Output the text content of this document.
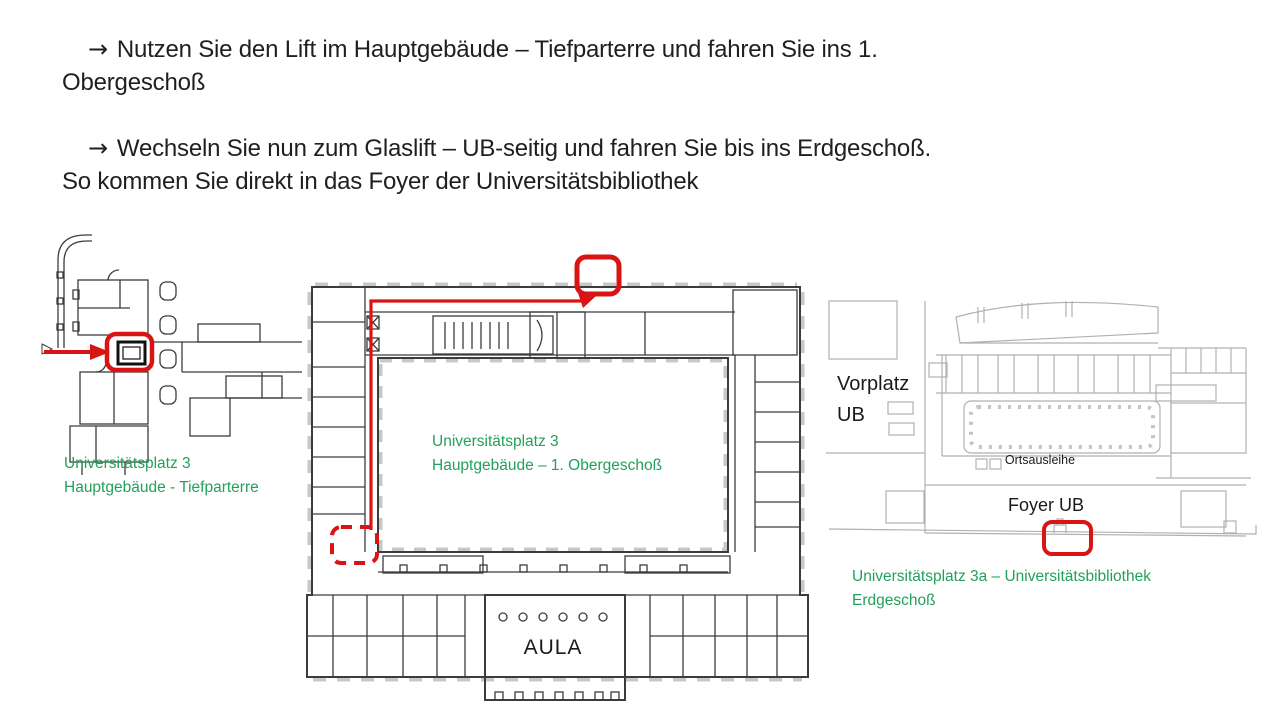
→ Nutzen Sie den Lift im Hauptgebäude – Tiefparterre und fahren Sie ins 1.
Obergeschoß
→ Wechseln Sie nun zum Glaslift – UB-seitig und fahren Sie bis ins Erdgeschoß.
So kommen Sie direkt in das Foyer der Universitätsbibliothek
Vorplatz
UB
Ortsausleihe
Foyer UB
AULA
Universitätsplatz 3
Hauptgebäude - Tiefparterre
Universitätsplatz 3
Hauptgebäude – 1. Obergeschoß
Universitätsplatz 3a – Universitätsbibliothek
Erdgeschoß
